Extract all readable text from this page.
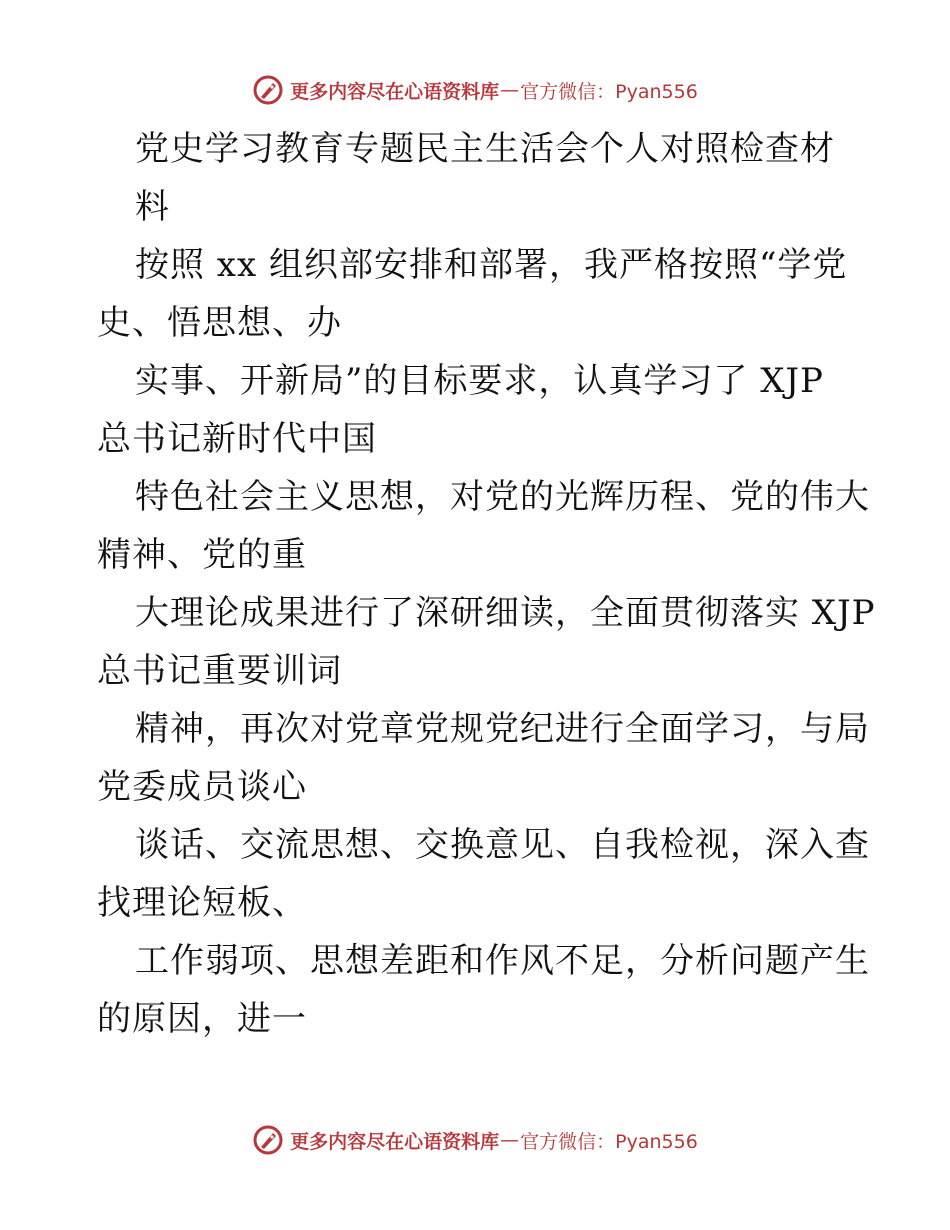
更多内容尽在心语资料库 — 官方微信：Pyan556
党史学习教育专题民主生活会个人对照检查材
料
按照 xx 组织部安排和部署，我严格按照“学党
史、悟思想、办
实事、开新局”的目标要求，认真学习了 XJP
总书记新时代中国
特色社会主义思想，对党的光辉历程、党的伟大
精神、党的重
大理论成果进行了深研细读，全面贯彻落实 XJP
总书记重要训词
精神，再次对党章党规党纪进行全面学习，与局
党委成员谈心
谈话、交流思想、交换意见、自我检视，深入查
找理论短板、
工作弱项、思想差距和作风不足，分析问题产生
的原因，进一
更多内容尽在心语资料库 — 官方微信：Pyan556
